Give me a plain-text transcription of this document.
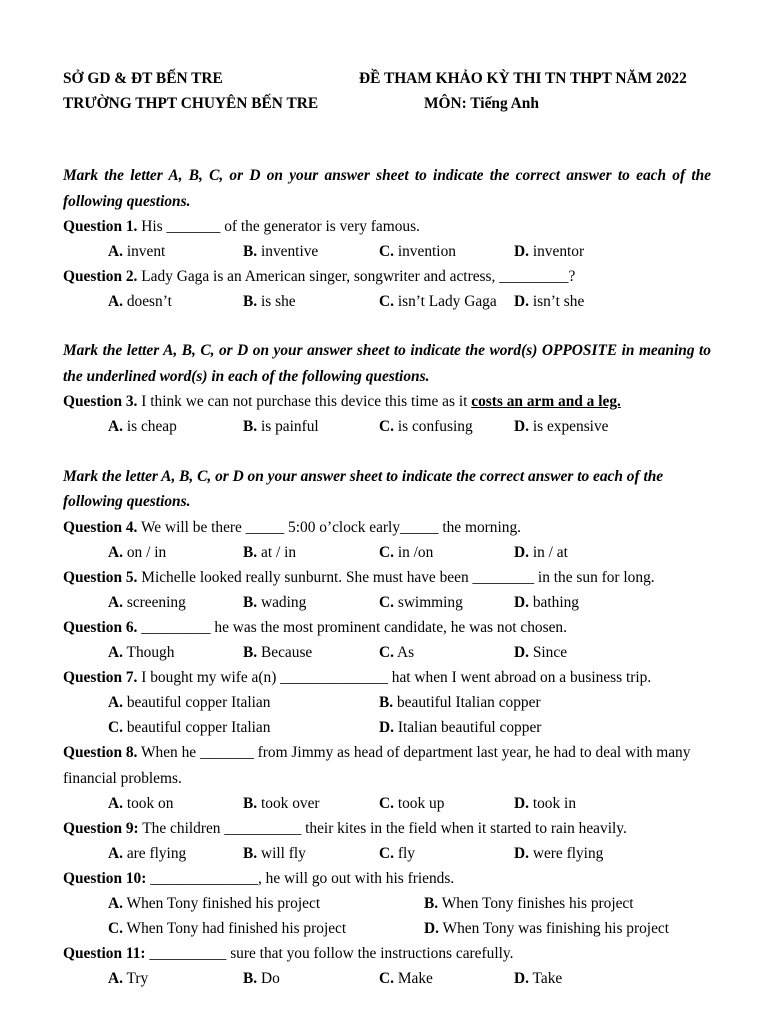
SỞ GD & ĐT BẾN TRE
TRƯỜNG THPT CHUYÊN BẾN TRE
ĐỀ THAM KHẢO KỲ THI TN THPT NĂM 2022
MÔN: Tiếng Anh
Mark the letter A, B, C, or D on your answer sheet to indicate the correct answer to each of the following questions.
Question 1. His _______ of the generator is very famous.
A. invent	B. inventive	C. invention	D. inventor
Question 2. Lady Gaga is an American singer, songwriter and actress, _________?
A. doesn’t	B. is she	C. isn’t Lady Gaga D. isn’t she
Mark the letter A, B, C, or D on your answer sheet to indicate the word(s) OPPOSITE in meaning to the underlined word(s) in each of the following questions.
Question 3. I think we can not purchase this device this time as it costs an arm and a leg.
A. is cheap	B. is painful	C. is confusing	D. is expensive
Mark the letter A, B, C, or D on your answer sheet to indicate the correct answer to each of the following questions.
Question 4. We will be there _____ 5:00 o’clock early_____ the morning.
A. on / in	B. at / in	C. in /on	D. in / at
Question 5. Michelle looked really sunburnt. She must have been ________ in the sun for long.
A. screening	B. wading	C. swimming	D. bathing
Question 6. _________ he was the most prominent candidate, he was not chosen.
A. Though	B. Because	C. As	D. Since
Question 7. I bought my wife a(n) ______________ hat when I went abroad on a business trip.
A. beautiful copper Italian	B. beautiful Italian copper
C. beautiful copper Italian	D. Italian beautiful copper
Question 8. When he _______ from Jimmy as head of department last year, he had to deal with many financial problems.
A. took on	B. took over	C. took up	D. took in
Question 9: The children __________ their kites in the field when it started to rain heavily.
A. are flying	B. will fly	C. fly	D. were flying
Question 10: ______________, he will go out with his friends.
A. When Tony finished his project	B. When Tony finishes his project
C. When Tony had finished his project	D. When Tony was finishing his project
Question 11: __________ sure that you follow the instructions carefully.
A. Try	B. Do	C. Make	D. Take
